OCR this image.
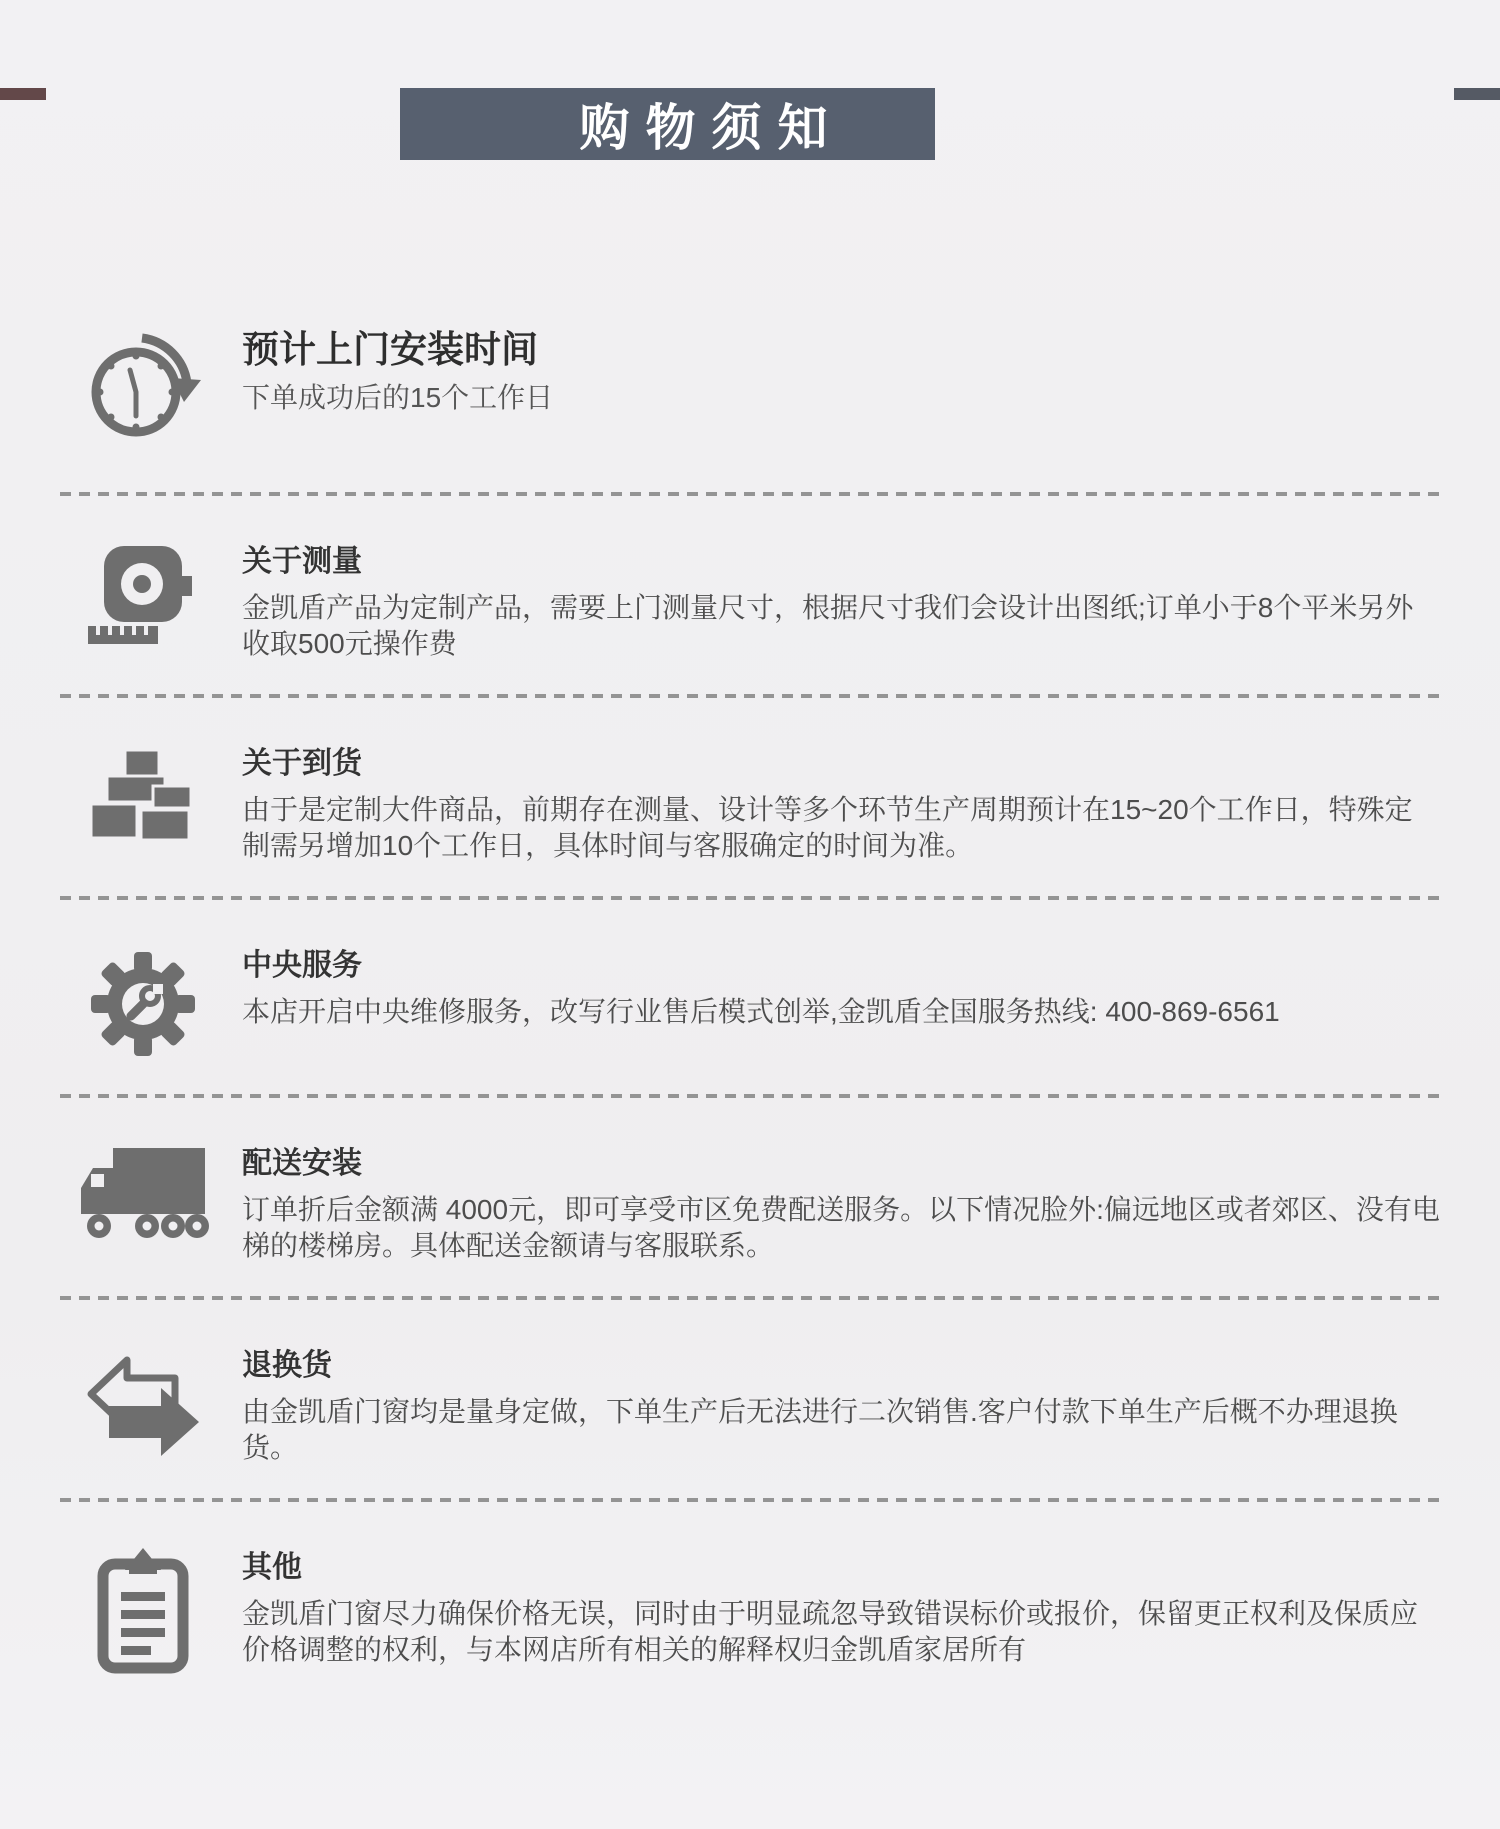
购物须知
预计上门安装时间
下单成功后的15个工作日
关于测量
金凯盾产品为定制产品，需要上门测量尺寸，根据尺寸我们会设计出图纸;订单小于8个平米另外收取500元操作费
关于到货
由于是定制大件商品，前期存在测量、设计等多个环节生产周期预计在15~20个工作日，特殊定制需另增加10个工作日，具体时间与客服确定的时间为准。
中央服务
本店开启中央维修服务，改写行业售后模式创举,金凯盾全国服务热线: 400-869-6561
配送安装
订单折后金额满 4000元，即可享受市区免费配送服务。以下情况脸外:偏远地区或者郊区、没有电梯的楼梯房。具体配送金额请与客服联系。
退换货
由金凯盾门窗均是量身定做，下单生产后无法进行二次销售.客户付款下单生产后概不办理退换货。
其他
金凯盾门窗尽力确保价格无误，同时由于明显疏忽导致错误标价或报价，保留更正权利及保质应价格调整的权利，与本网店所有相关的解释权归金凯盾家居所有
